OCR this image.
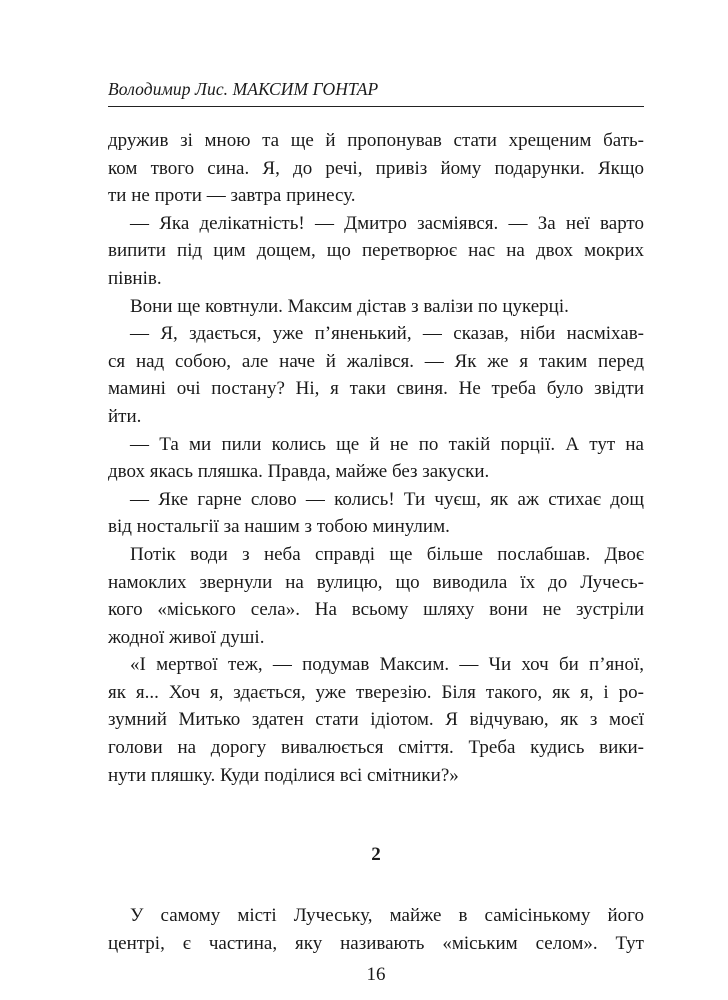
Володимир Лис. МАКСИМ ГОНТАР
дружив зі мною та ще й пропонував стати хрещеним бать-
ком твого сина. Я, до речі, привіз йому подарунки. Якщо
ти не проти — завтра принесу.
— Яка делікатність! — Дмитро засміявся. — За неї варто
випити під цим дощем, що перетворює нас на двох мокрих
півнів.
Вони ще ковтнули. Максим дістав з валізи по цукерці.
— Я, здається, уже п’яненький, — сказав, ніби насміхав-
ся над собою, але наче й жалівся. — Як же я таким перед
мамині очі постану? Ні, я таки свиня. Не треба було звідти
йти.
— Та ми пили колись ще й не по такій порції. А тут на
двох якась пляшка. Правда, майже без закуски.
— Яке гарне слово — колись! Ти чуєш, як аж стихає дощ
від ностальгії за нашим з тобою минулим.
Потік води з неба справді ще більше послабшав. Двоє
намоклих звернули на вулицю, що виводила їх до Лучесь-
кого «міського села». На всьому шляху вони не зустріли
жодної живої душі.
«І мертвої теж, — подумав Максим. — Чи хоч би п’яної,
як я... Хоч я, здається, уже тверезію. Біля такого, як я, і ро-
зумний Митько здатен стати ідіотом. Я відчуваю, як з моєї
голови на дорогу вивалюється сміття. Треба кудись вики-
нути пляшку. Куди поділися всі смітники?»
2
У самому місті Лучеську, майже в самісінькому його
центрі, є частина, яку називають «міським селом». Тут
16
